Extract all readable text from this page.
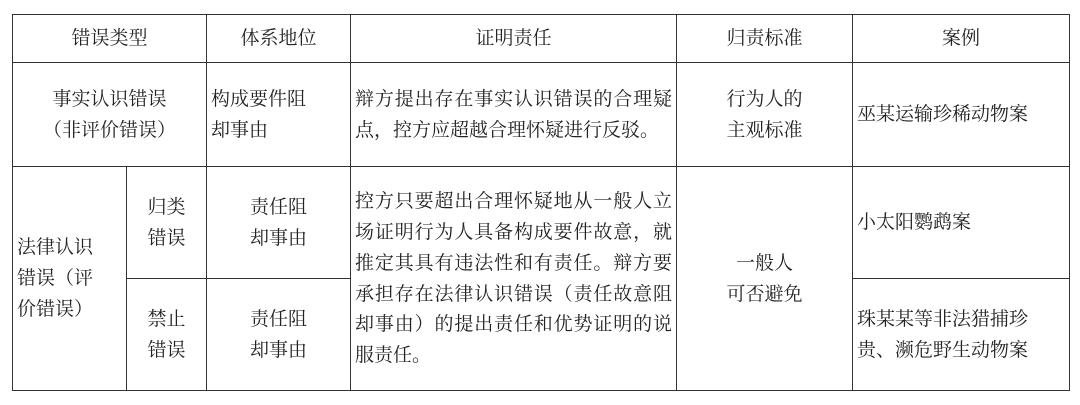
错误类型		体系地位	证明责任	归责标准	案例
事实认识错误
（非评价错误）		构成要件阻
却事由	辩方提出存在事实认识错误的合理疑点，控方应超越合理怀疑进行反驳。	行为人的
主观标准	巫某运输珍稀动物案
法律认识
错误（评
价错误）	归类
错误	责任阻
却事由	控方只要超出合理怀疑地从一般人立场证明行为人具备构成要件故意，就推定其具有违法性和有责任。辩方要承担存在法律认识错误（责任故意阻却事由）的提出责任和优势证明的说服责任。	一般人
可否避免	小太阳鹦鹉案
	禁止
错误	责任阻
却事由			珠某某等非法猎捕珍贵、濒危野生动物案
